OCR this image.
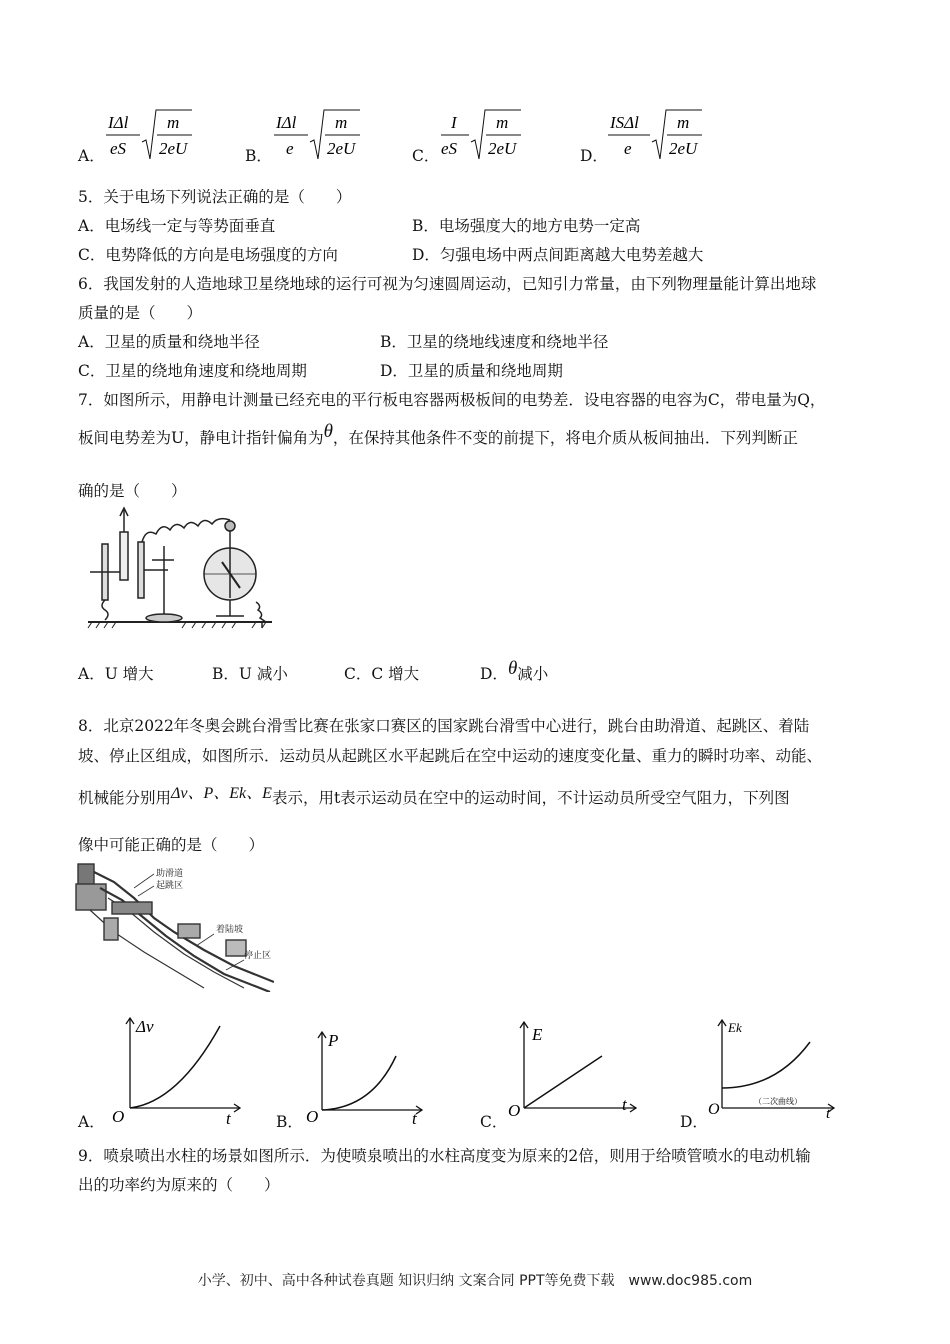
A．
IΔl
eS
m
2eU	B．
IΔl
e
m
2eU	C．
I
eS
m
2eU	D．
ISΔl
e
m
2eU
5．关于电场下列说法正确的是（　　）
A．电场线一定与等势面垂直	B．电场强度大的地方电势一定高
C．电势降低的方向是电场强度的方向	D．匀强电场中两点间距离越大电势差越大
6．我国发射的人造地球卫星绕地球的运行可视为匀速圆周运动，已知引力常量，由下列物理量能计算出地球
质量的是（　　）
A．卫星的质量和绕地半径	B．卫星的绕地线速度和绕地半径
C．卫星的绕地角速度和绕地周期	D．卫星的质量和绕地周期
7．如图所示，用静电计测量已经充电的平行板电容器两极板间的电势差．设电容器的电容为C，带电量为Q，
板间电势差为U，静电计指针偏角为θ，在保持其他条件不变的前提下，将电介质从板间抽出．下列判断正
确的是（　　）
A．U 增大	B．U 减小	C．C 增大	D．θ减小
8．北京2022年冬奥会跳台滑雪比赛在张家口赛区的国家跳台滑雪中心进行，跳台由助滑道、起跳区、着陆
坡、停止区组成，如图所示．运动员从起跳区水平起跳后在空中运动的速度变化量、重力的瞬时功率、动能、
机械能分别用Δv、P、Ek、E表示，用t表示运动员在空中的运动时间，不计运动员所受空气阻力，下列图
像中可能正确的是（　　）
助滑道
起跳区
着陆坡
停止区
A．
Δv
t
O	B．
P
t
O	C．
E
t
O
D．
Ek
t
O	（二次曲线）
9．喷泉喷出水柱的场景如图所示．为使喷泉喷出的水柱高度变为原来的2倍，则用于给喷管喷水的电动机输
出的功率约为原来的（　　）
小学、初中、高中各种试卷真题 知识归纳 文案合同 PPT等免费下载　www.doc985.com
